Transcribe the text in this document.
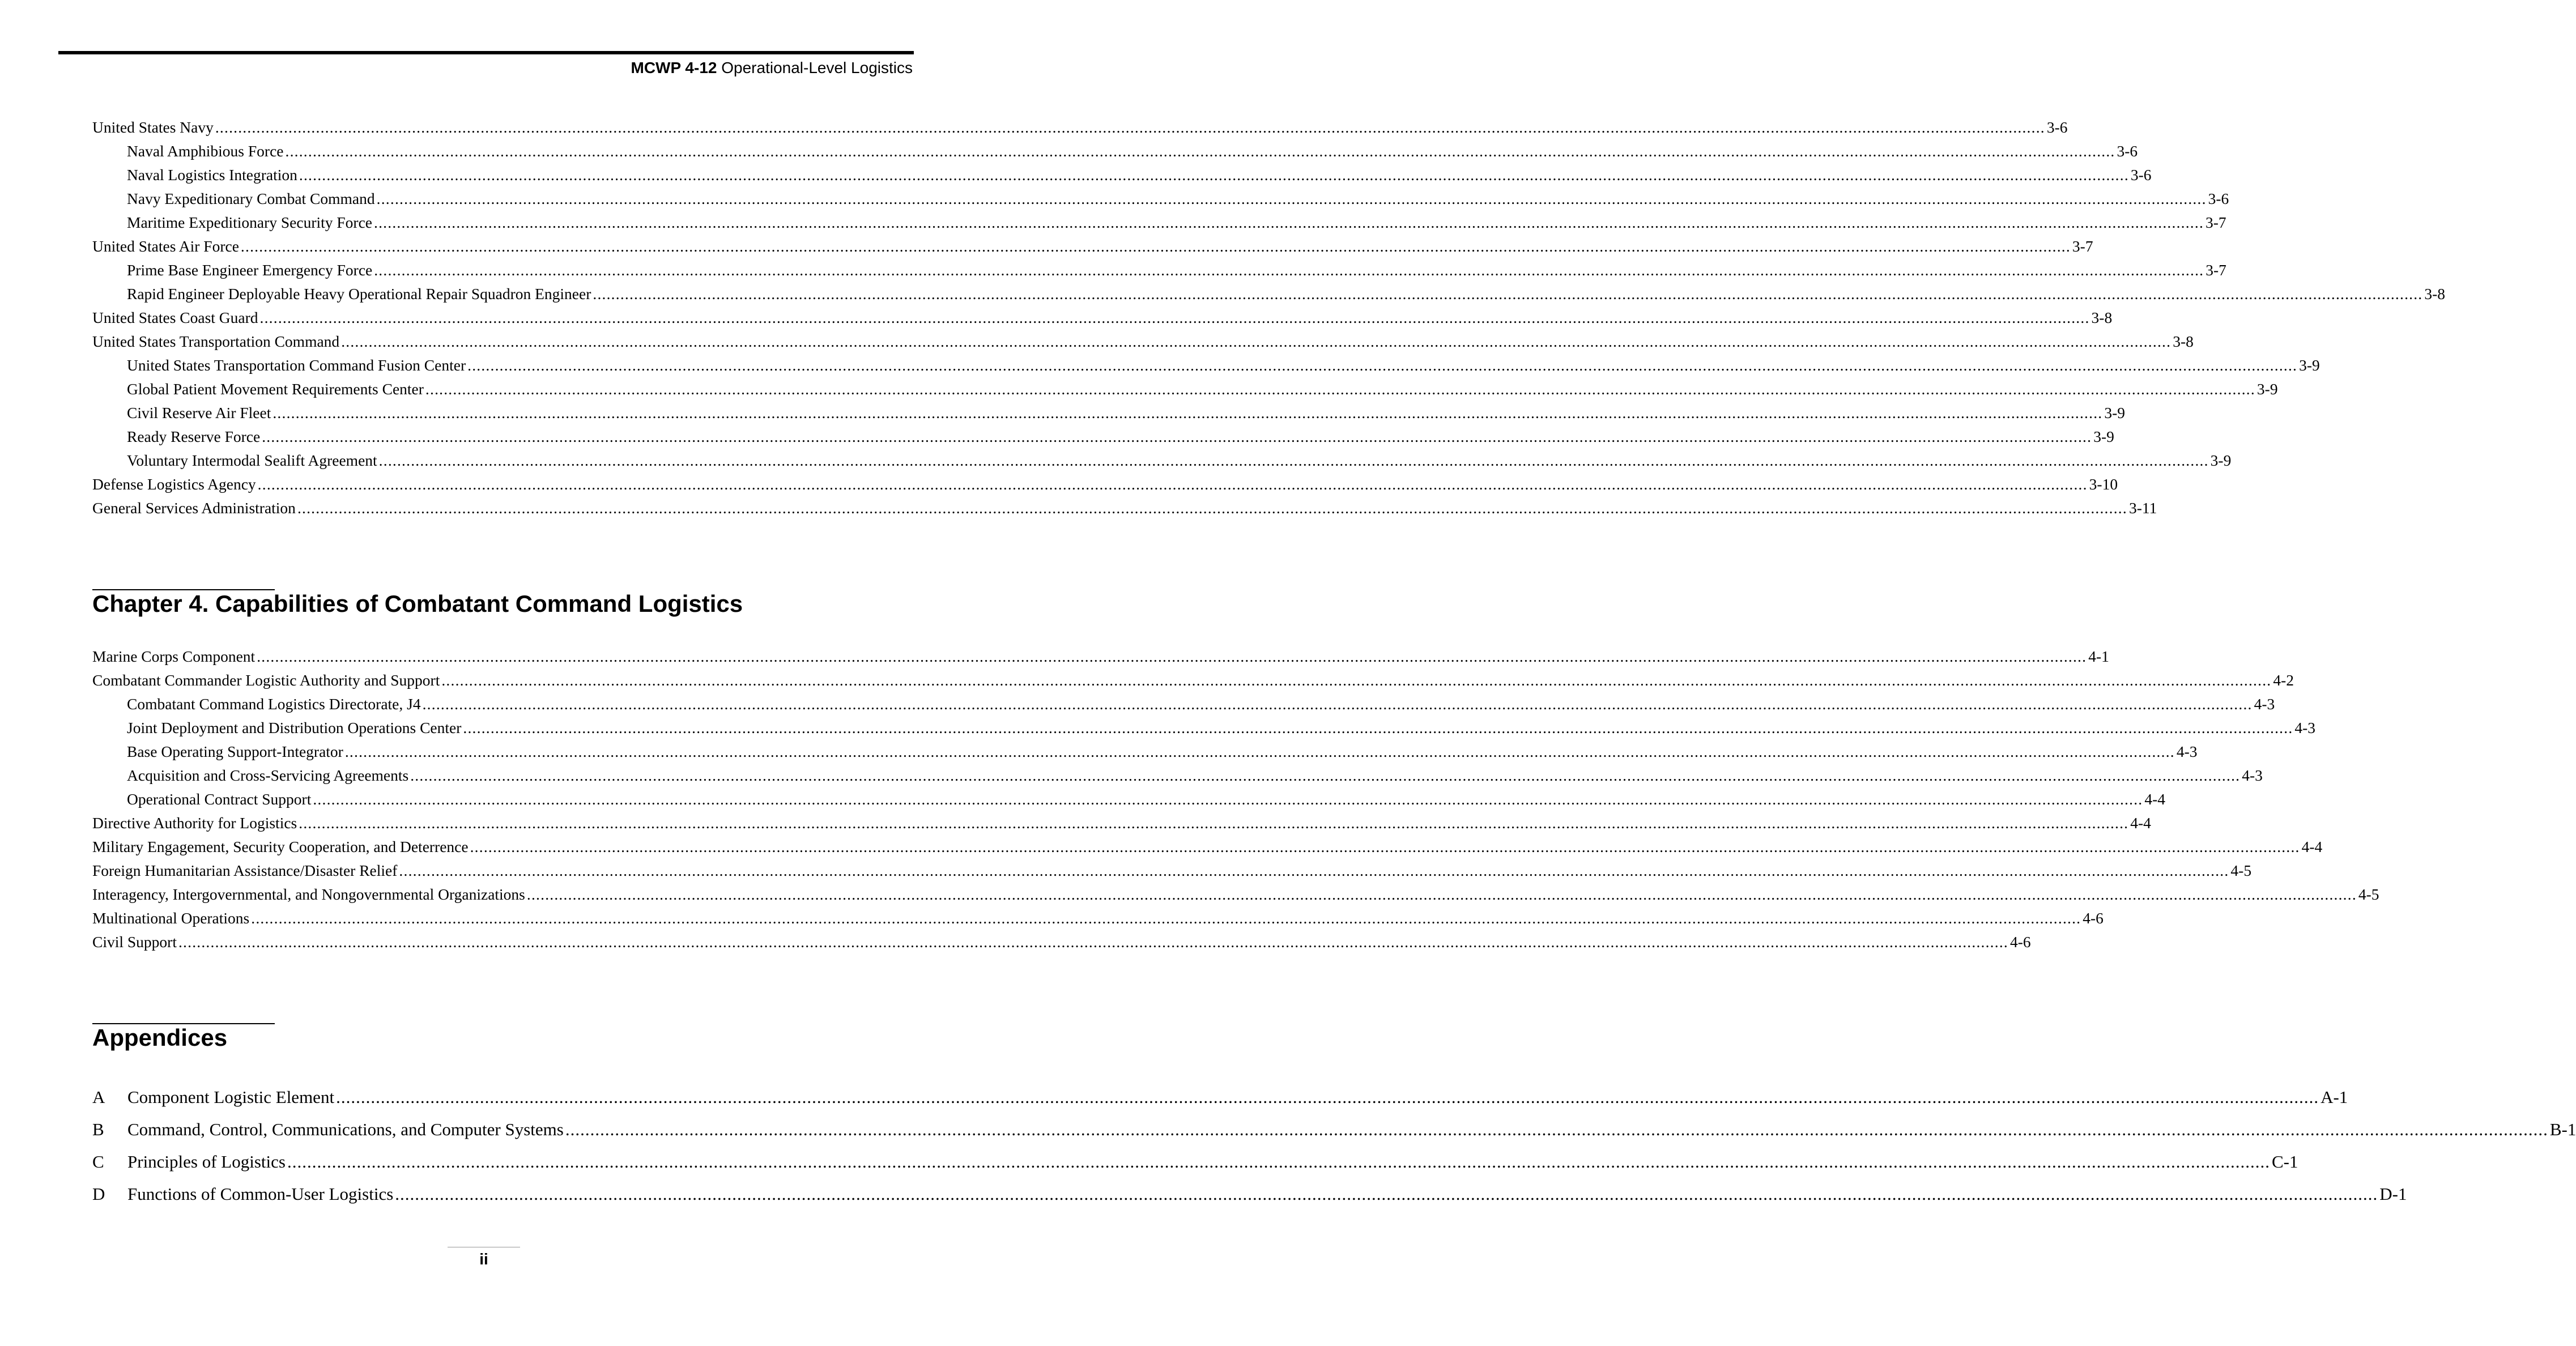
MCWP 4-12 Operational-Level Logistics
United States Navy ................................................................................................................................................................................................................................................................................................................................................................................................................ 3-6
Naval Amphibious Force ................................................................................................................................................................................................................................................................................................................................................................................................................ 3-6
Naval Logistics Integration ................................................................................................................................................................................................................................................................................................................................................................................................................ 3-6
Navy Expeditionary Combat Command ................................................................................................................................................................................................................................................................................................................................................................................................................ 3-6
Maritime Expeditionary Security Force ................................................................................................................................................................................................................................................................................................................................................................................................................ 3-7
United States Air Force ................................................................................................................................................................................................................................................................................................................................................................................................................ 3-7
Prime Base Engineer Emergency Force ................................................................................................................................................................................................................................................................................................................................................................................................................ 3-7
Rapid Engineer Deployable Heavy Operational Repair Squadron Engineer ................................................................................................................................................................................................................................................................................................................................................................................................................ 3-8
United States Coast Guard ................................................................................................................................................................................................................................................................................................................................................................................................................ 3-8
United States Transportation Command ................................................................................................................................................................................................................................................................................................................................................................................................................ 3-8
United States Transportation Command Fusion Center ................................................................................................................................................................................................................................................................................................................................................................................................................ 3-9
Global Patient Movement Requirements Center ................................................................................................................................................................................................................................................................................................................................................................................................................ 3-9
Civil Reserve Air Fleet ................................................................................................................................................................................................................................................................................................................................................................................................................ 3-9
Ready Reserve Force ................................................................................................................................................................................................................................................................................................................................................................................................................ 3-9
Voluntary Intermodal Sealift Agreement ................................................................................................................................................................................................................................................................................................................................................................................................................ 3-9
Defense Logistics Agency ................................................................................................................................................................................................................................................................................................................................................................................................................ 3-10
General Services Administration ................................................................................................................................................................................................................................................................................................................................................................................................................ 3-11
Chapter 4. Capabilities of Combatant Command Logistics
Marine Corps Component ................................................................................................................................................................................................................................................................................................................................................................................................................ 4-1
Combatant Commander Logistic Authority and Support ................................................................................................................................................................................................................................................................................................................................................................................................................ 4-2
Combatant Command Logistics Directorate, J4 ................................................................................................................................................................................................................................................................................................................................................................................................................ 4-3
Joint Deployment and Distribution Operations Center ................................................................................................................................................................................................................................................................................................................................................................................................................ 4-3
Base Operating Support-Integrator ................................................................................................................................................................................................................................................................................................................................................................................................................ 4-3
Acquisition and Cross-Servicing Agreements ................................................................................................................................................................................................................................................................................................................................................................................................................ 4-3
Operational Contract Support ................................................................................................................................................................................................................................................................................................................................................................................................................ 4-4
Directive Authority for Logistics ................................................................................................................................................................................................................................................................................................................................................................................................................ 4-4
Military Engagement, Security Cooperation, and Deterrence ................................................................................................................................................................................................................................................................................................................................................................................................................ 4-4
Foreign Humanitarian Assistance/Disaster Relief ................................................................................................................................................................................................................................................................................................................................................................................................................ 4-5
Interagency, Intergovernmental, and Nongovernmental Organizations ................................................................................................................................................................................................................................................................................................................................................................................................................ 4-5
Multinational Operations ................................................................................................................................................................................................................................................................................................................................................................................................................ 4-6
Civil Support ................................................................................................................................................................................................................................................................................................................................................................................................................ 4-6
Appendices
A	Component Logistic Element ................................................................................................................................................................................................................................................................................................................................................................................................................ A-1
B	Command, Control, Communications, and Computer Systems ................................................................................................................................................................................................................................................................................................................................................................................................................ B-1
C	Principles of Logistics ................................................................................................................................................................................................................................................................................................................................................................................................................ C-1
D	Functions of Common-User Logistics ................................................................................................................................................................................................................................................................................................................................................................................................................ D-1
ii
